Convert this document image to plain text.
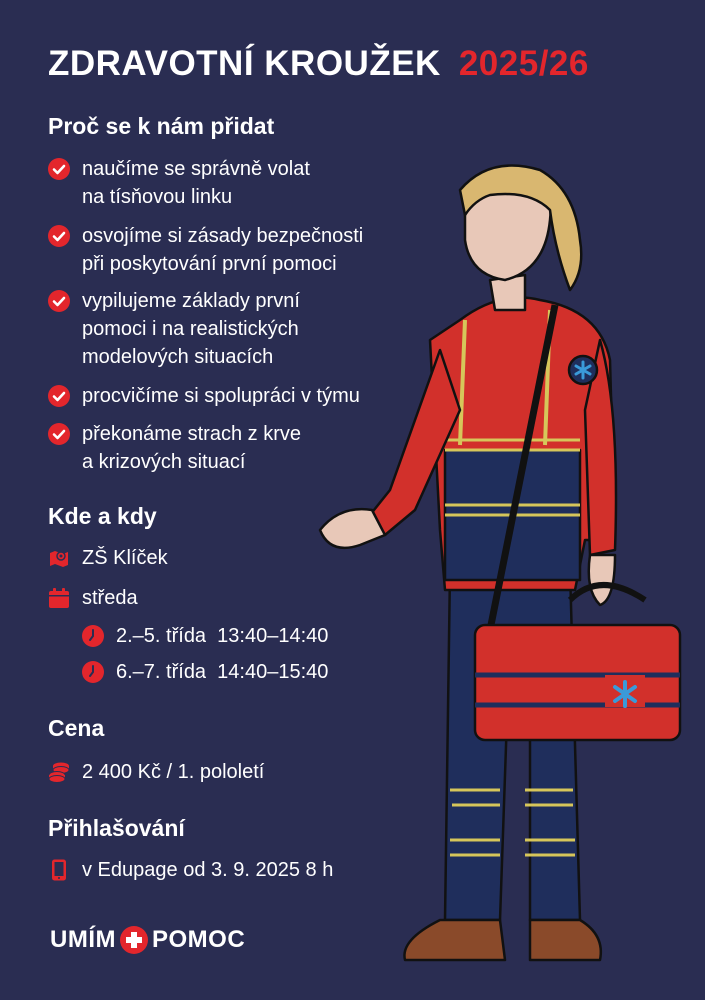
ZDRAVOTNÍ KROUŽEK 2025/26
Proč se k nám přidat
naučíme se správně volat
na tísňovou linku
osvojíme si zásady bezpečnosti
při poskytování první pomoci
vypilujeme základy první
pomoci i na realistických
modelových situacích
procvičíme si spolupráci v týmu
překonáme strach z krve
a krizových situací
Kde a kdy
ZŠ Klíček
středa
2.–5. třída  13:40–14:40
6.–7. třída  14:40–15:40
Cena
2 400 Kč / 1. pololetí
Přihlašování
v Edupage od 3. 9. 2025 8 h
UMÍM POMOC
